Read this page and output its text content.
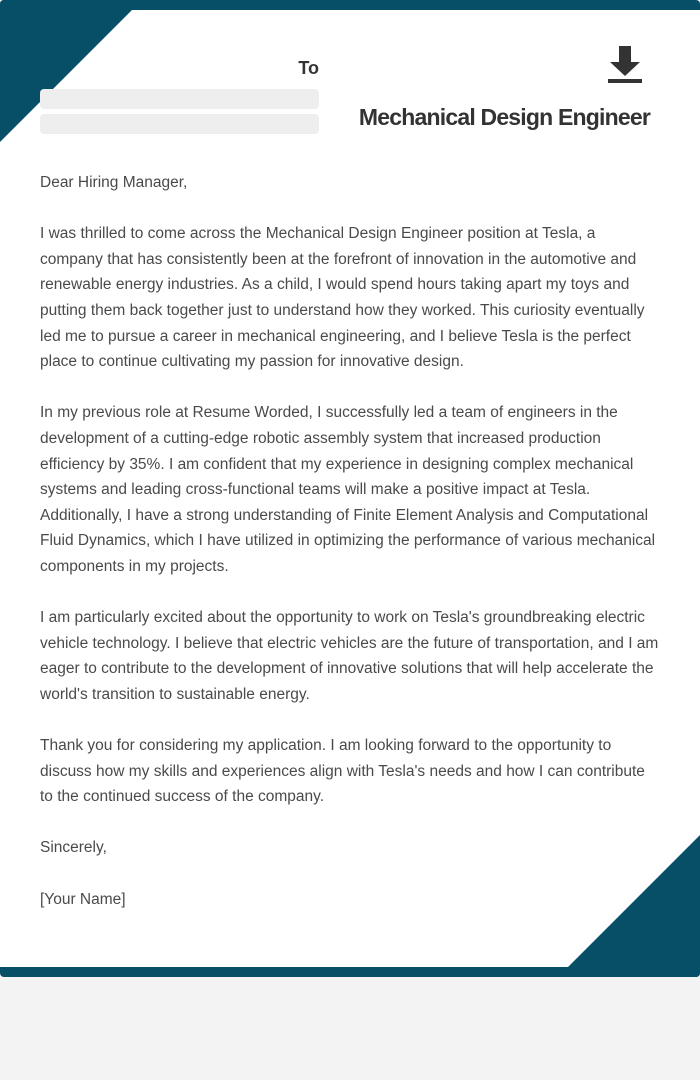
To
Mechanical Design Engineer

Dear Hiring Manager,

I was thrilled to come across the Mechanical Design Engineer position at Tesla, a company that has consistently been at the forefront of innovation in the automotive and renewable energy industries. As a child, I would spend hours taking apart my toys and putting them back together just to understand how they worked. This curiosity eventually led me to pursue a career in mechanical engineering, and I believe Tesla is the perfect place to continue cultivating my passion for innovative design.

In my previous role at Resume Worded, I successfully led a team of engineers in the development of a cutting-edge robotic assembly system that increased production efficiency by 35%. I am confident that my experience in designing complex mechanical systems and leading cross-functional teams will make a positive impact at Tesla. Additionally, I have a strong understanding of Finite Element Analysis and Computational Fluid Dynamics, which I have utilized in optimizing the performance of various mechanical components in my projects.

I am particularly excited about the opportunity to work on Tesla's groundbreaking electric vehicle technology. I believe that electric vehicles are the future of transportation, and I am eager to contribute to the development of innovative solutions that will help accelerate the world's transition to sustainable energy.

Thank you for considering my application. I am looking forward to the opportunity to discuss how my skills and experiences align with Tesla's needs and how I can contribute to the continued success of the company.

Sincerely,

[Your Name]
